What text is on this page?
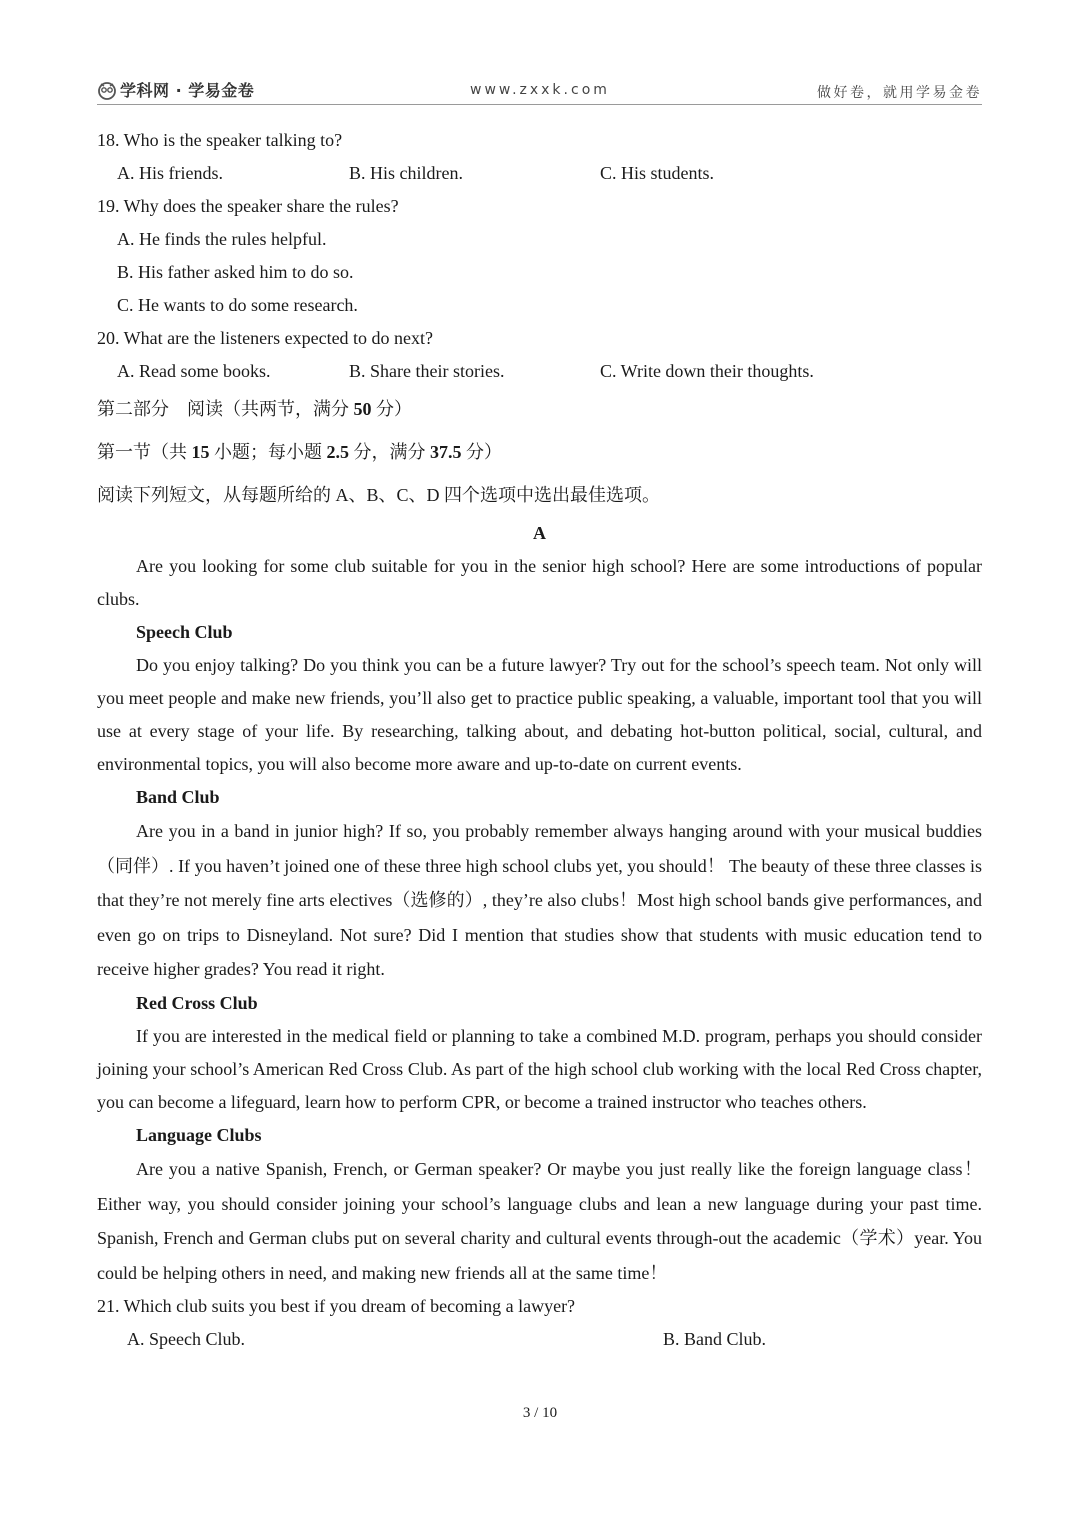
学科网 · 学易金卷	www.zxxk.com	做好卷，就用学易金卷
18. Who is the speaker talking to?
A. His friends.	B. His children.	C. His students.
19. Why does the speaker share the rules?
A. He finds the rules helpful.
B. His father asked him to do so.
C. He wants to do some research.
20. What are the listeners expected to do next?
A. Read some books.	B. Share their stories.	C. Write down their thoughts.
第二部分　阅读（共两节，满分 50 分）
第一节（共 15 小题；每小题 2.5 分，满分 37.5 分）
阅读下列短文，从每题所给的 A、B、C、D 四个选项中选出最佳选项。
A

Are you looking for some club suitable for you in the senior high school? Here are some introductions of popular clubs.

Speech Club

Do you enjoy talking? Do you think you can be a future lawyer? Try out for the school’s speech team. Not only will you meet people and make new friends, you’ll also get to practice public speaking, a valuable, important tool that you will use at every stage of your life. By researching, talking about, and debating hot-button political, social, cultural, and environmental topics, you will also become more aware and up-to-date on current events.

Band Club

Are you in a band in junior high? If so, you probably remember always hanging around with your musical buddies（同伴）. If you haven’t joined one of these three high school clubs yet, you should！ The beauty of these three classes is that they’re not merely fine arts electives（选修的）, they’re also clubs！Most high school bands give performances, and even go on trips to Disneyland. Not sure? Did I mention that studies show that students with music education tend to receive higher grades? You read it right.

Red Cross Club

If you are interested in the medical field or planning to take a combined M.D. program, perhaps you should consider joining your school’s American Red Cross Club. As part of the high school club working with the local Red Cross chapter, you can become a lifeguard, learn how to perform CPR, or become a trained instructor who teaches others.

Language Clubs

Are you a native Spanish, French, or German speaker? Or maybe you just really like the foreign language class！ Either way, you should consider joining your school’s language clubs and lean a new language during your past time. Spanish, French and German clubs put on several charity and cultural events through-out the academic（学术）year. You could be helping others in need, and making new friends all at the same time！

21. Which club suits you best if you dream of becoming a lawyer?
A. Speech Club.	B. Band Club.
3 / 10
